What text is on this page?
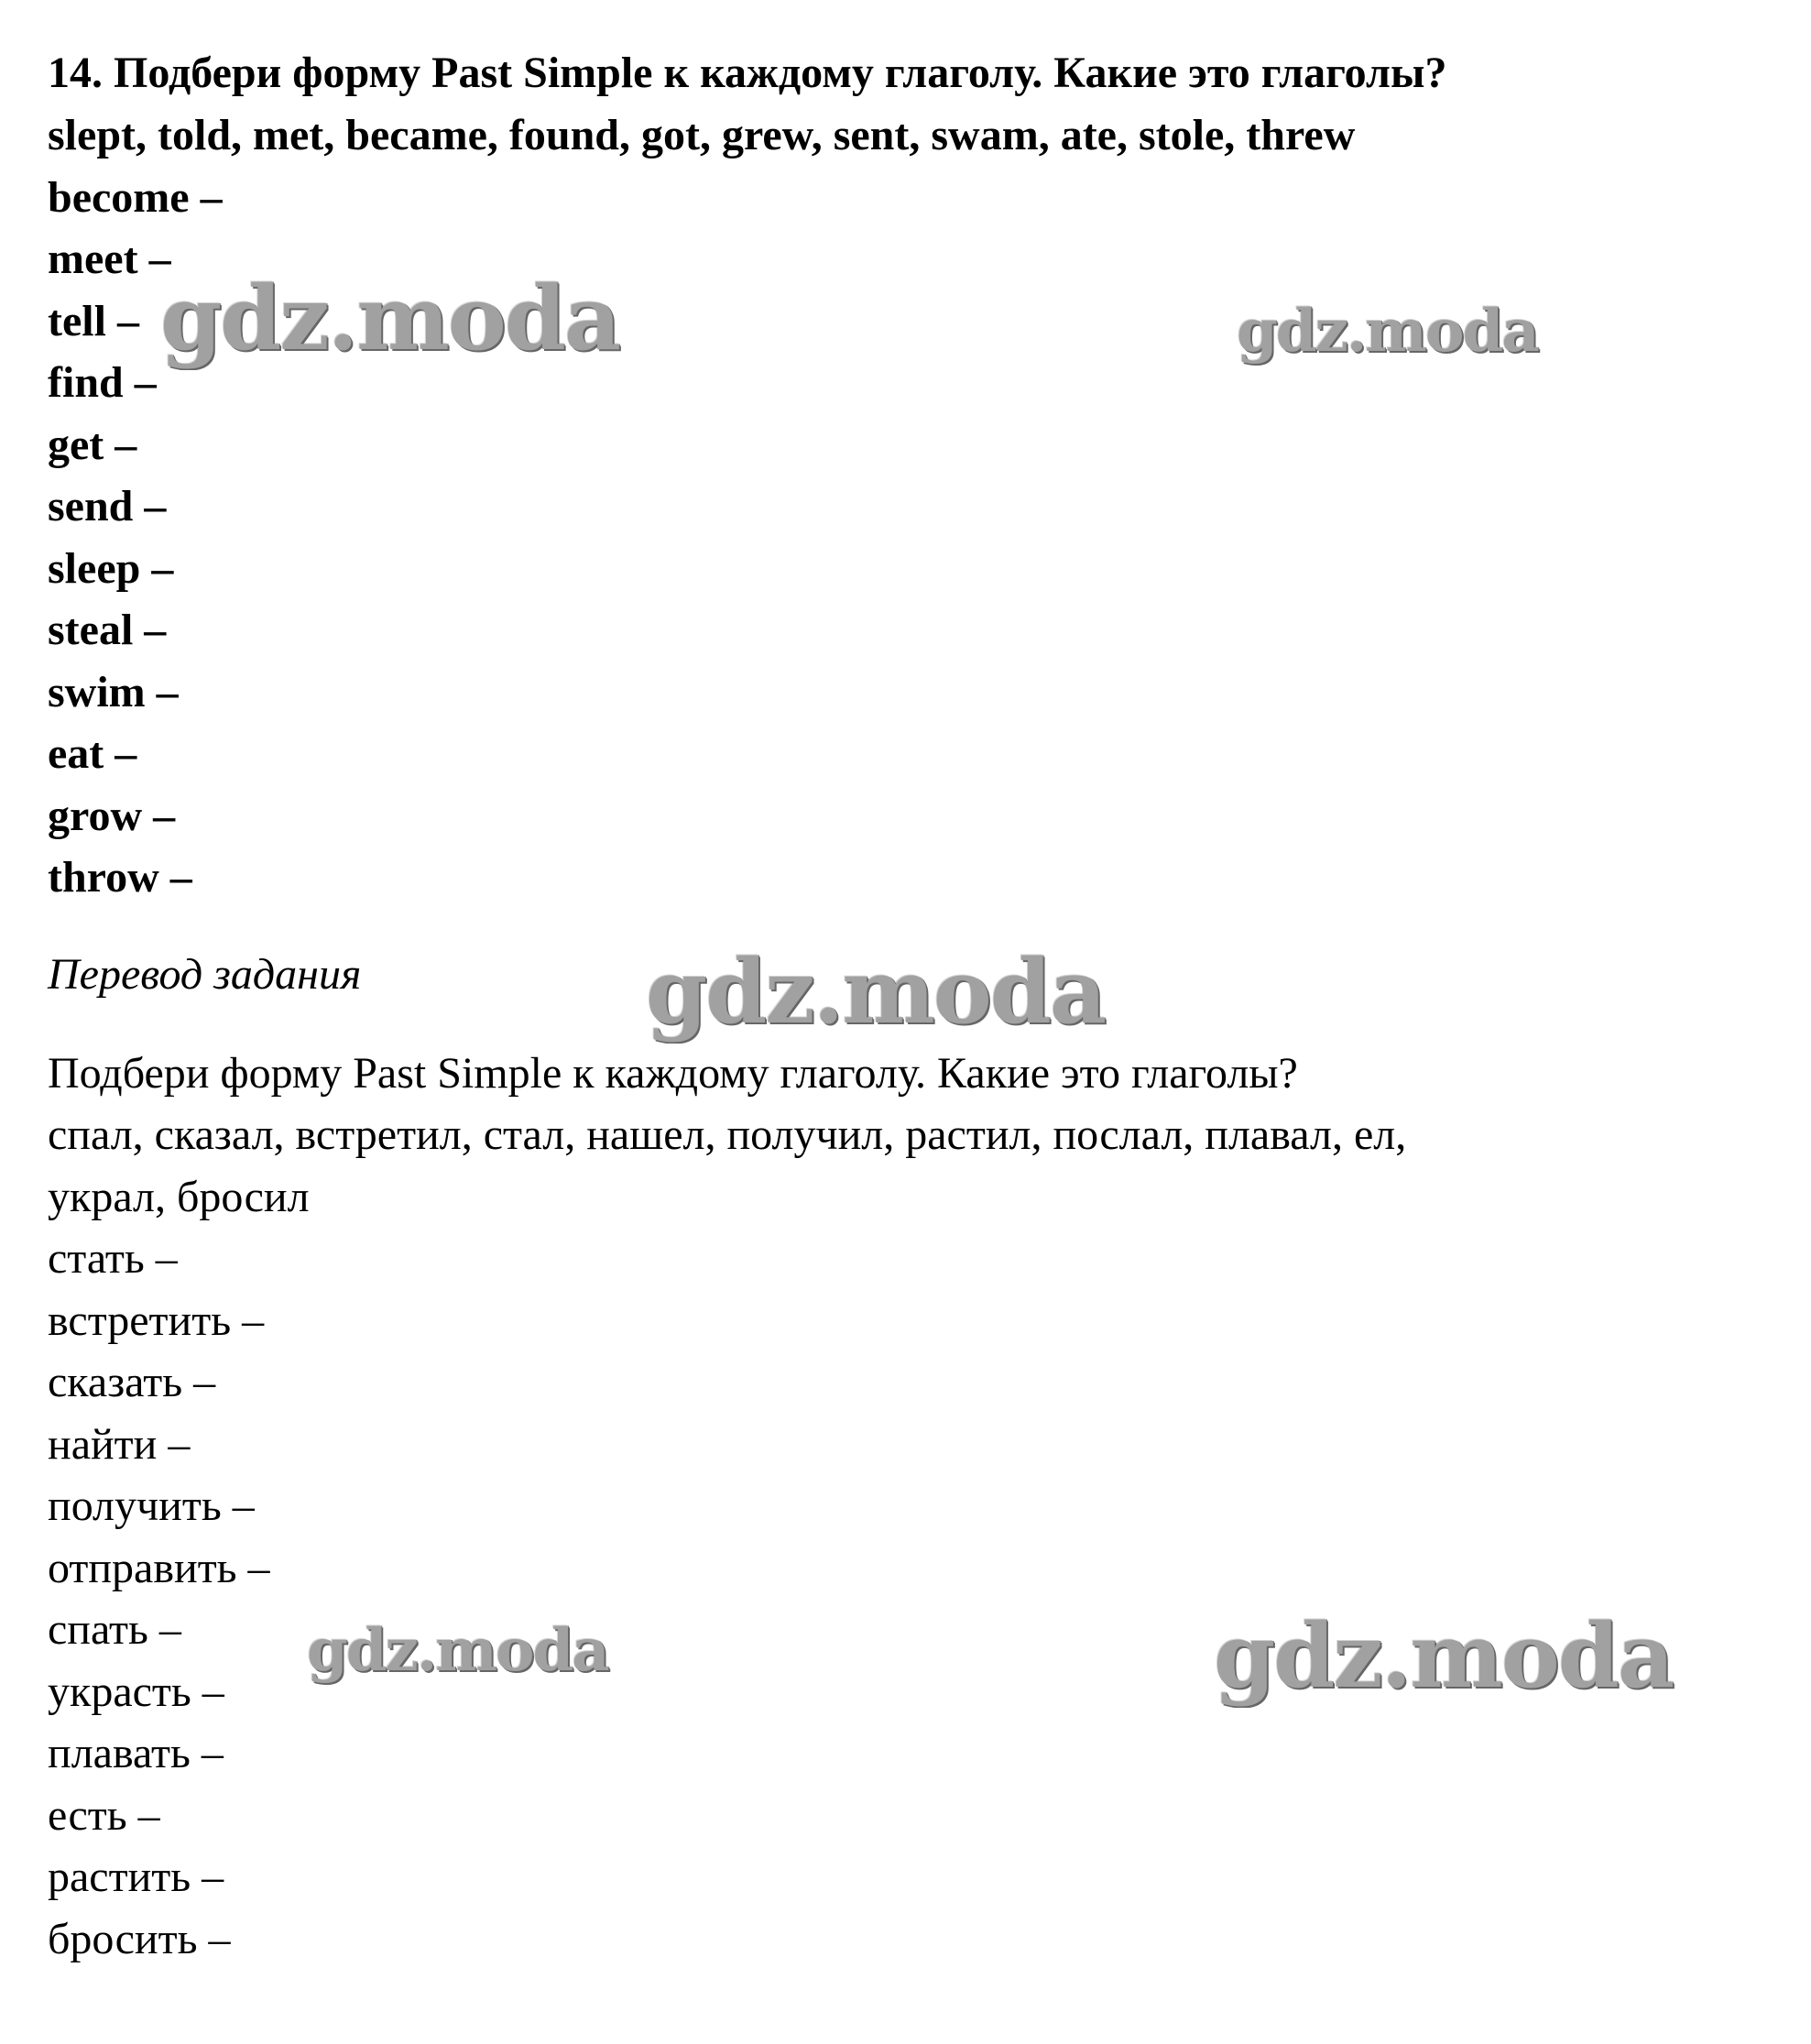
14. Подбери форму Past Simple к каждому глаголу. Какие это глаголы?
slept, told, met, became, found, got, grew, sent, swam, ate, stole, threw
become –
meet –
tell –
find –
get –
send –
sleep –
steal –
swim –
eat –
grow –
throw –
Перевод задания
Подбери форму Past Simple к каждому глаголу. Какие это глаголы?
спал, сказал, встретил, стал, нашел, получил, растил, послал, плавал, ел,
украл, бросил
стать –
встретить –
сказать –
найти –
получить –
отправить –
спать –
украсть –
плавать –
есть –
растить –
бросить –
gdz.moda	gdz.moda
gdz.moda
gdz.moda	gdz.moda
